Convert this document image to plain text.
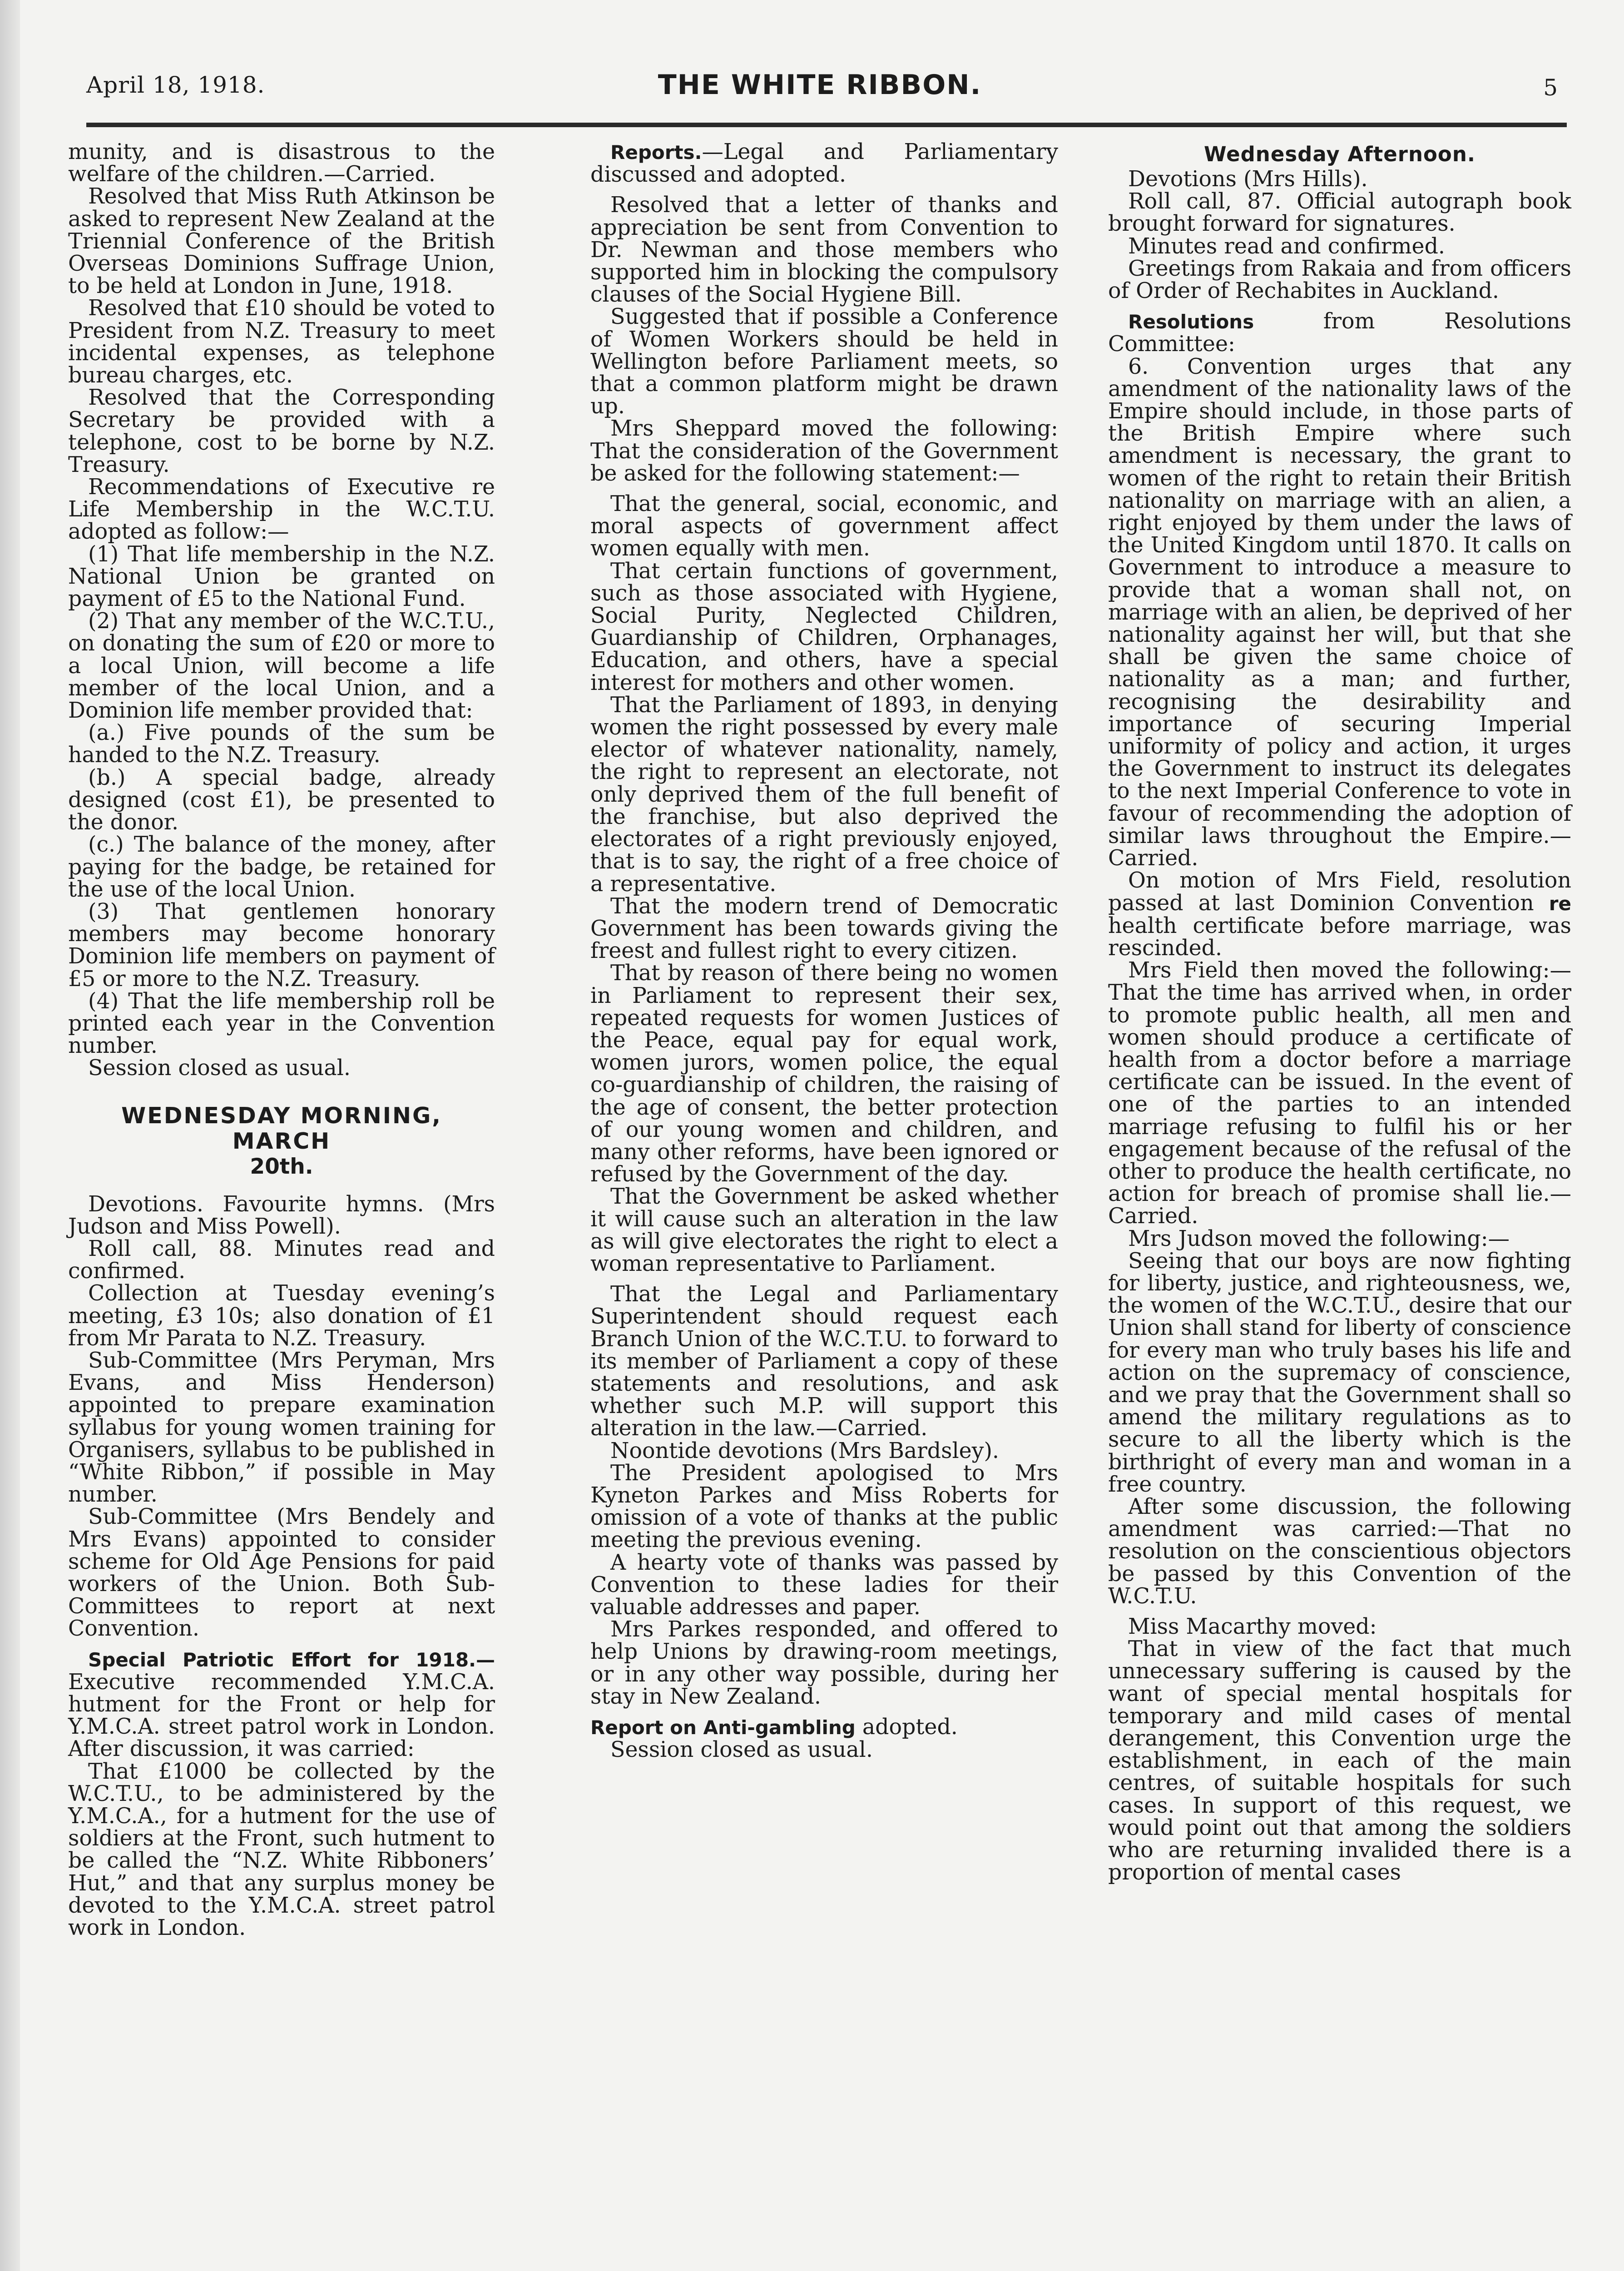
April 18, 1918.	THE WHITE RIBBON.	5

munity, and is disastrous to the welfare of the children.—Carried.

Resolved that Miss Ruth Atkinson be asked to represent New Zealand at the Triennial Conference of the British Overseas Dominions Suffrage Union, to be held at London in June, 1918.

Resolved that £10 should be voted to President from N.Z. Treasury to meet incidental expenses, as telephone bureau charges, etc.

Resolved that the Corresponding Secretary be provided with a telephone, cost to be borne by N.Z. Treasury.

Recommendations of Executive re Life Membership in the W.C.T.U. adopted as follow:—

(1) That life membership in the N.Z. National Union be granted on payment of £5 to the National Fund.

(2) That any member of the W.C.T.U., on donating the sum of £20 or more to a local Union, will become a life member of the local Union, and a Dominion life member provided that:

(a.) Five pounds of the sum be handed to the N.Z. Treasury.

(b.) A special badge, already designed (cost £1), be presented to the donor.

(c.) The balance of the money, after paying for the badge, be retained for the use of the local Union.

(3) That gentlemen honorary members may become honorary Dominion life members on payment of £5 or more to the N.Z. Treasury.

(4) That the life membership roll be printed each year in the Convention number.

Session closed as usual.

WEDNESDAY MORNING, MARCH
20th.

Devotions. Favourite hymns. (Mrs Judson and Miss Powell).

Roll call, 88. Minutes read and confirmed.

Collection at Tuesday evening’s meeting, £3 10s; also donation of £1 from Mr Parata to N.Z. Treasury.

Sub-Committee (Mrs Peryman, Mrs Evans, and Miss Henderson) appointed to prepare examination syllabus for young women training for Organisers, syllabus to be published in “White Ribbon,” if possible in May number.

Sub-Committee (Mrs Bendely and Mrs Evans) appointed to consider scheme for Old Age Pensions for paid workers of the Union. Both Sub-Committees to report at next Convention.

Special Patriotic Effort for 1918.— Executive recommended Y.M.C.A. hutment for the Front or help for Y.M.C.A. street patrol work in London. After discussion, it was carried:

That £1000 be collected by the W.C.T.U., to be administered by the Y.M.C.A., for a hutment for the use of soldiers at the Front, such hutment to be called the “N.Z. White Ribboners’ Hut,” and that any surplus money be devoted to the Y.M.C.A. street patrol work in London.

Reports.—Legal and Parliamentary discussed and adopted.

Resolved that a letter of thanks and appreciation be sent from Convention to Dr. Newman and those members who supported him in blocking the compulsory clauses of the Social Hygiene Bill.

Suggested that if possible a Conference of Women Workers should be held in Wellington before Parliament meets, so that a common platform might be drawn up.

Mrs Sheppard moved the following: That the consideration of the Government be asked for the following statement:—

That the general, social, economic, and moral aspects of government affect women equally with men.

That certain functions of government, such as those associated with Hygiene, Social Purity, Neglected Children, Guardianship of Children, Orphanages, Education, and others, have a special interest for mothers and other women.

That the Parliament of 1893, in denying women the right possessed by every male elector of whatever nationality, namely, the right to represent an electorate, not only deprived them of the full benefit of the franchise, but also deprived the electorates of a right previously enjoyed, that is to say, the right of a free choice of a representative.

That the modern trend of Democratic Government has been towards giving the freest and fullest right to every citizen.

That by reason of there being no women in Parliament to represent their sex, repeated requests for women Justices of the Peace, equal pay for equal work, women jurors, women police, the equal co-guardianship of children, the raising of the age of consent, the better protection of our young women and children, and many other reforms, have been ignored or refused by the Government of the day.

That the Government be asked whether it will cause such an alteration in the law as will give electorates the right to elect a woman representative to Parliament.

That the Legal and Parliamentary Superintendent should request each Branch Union of the W.C.T.U. to forward to its member of Parliament a copy of these statements and resolutions, and ask whether such M.P. will support this alteration in the law.—Carried.

Noontide devotions (Mrs Bardsley).

The President apologised to Mrs Kyneton Parkes and Miss Roberts for omission of a vote of thanks at the public meeting the previous evening.

A hearty vote of thanks was passed by Convention to these ladies for their valuable addresses and paper.

Mrs Parkes responded, and offered to help Unions by drawing-room meetings, or in any other way possible, during her stay in New Zealand.

Report on Anti-gambling adopted.

Session closed as usual.

Wednesday Afternoon.

Devotions (Mrs Hills).

Roll call, 87. Official autograph book brought forward for signatures.

Minutes read and confirmed.

Greetings from Rakaia and from officers of Order of Rechabites in Auckland.

Resolutions from Resolutions Committee:

6. Convention urges that any amendment of the nationality laws of the Empire should include, in those parts of the British Empire where such amendment is necessary, the grant to women of the right to retain their British nationality on marriage with an alien, a right enjoyed by them under the laws of the United Kingdom until 1870. It calls on Government to introduce a measure to provide that a woman shall not, on marriage with an alien, be deprived of her nationality against her will, but that she shall be given the same choice of nationality as a man; and further, recognising the desirability and importance of securing Imperial uniformity of policy and action, it urges the Government to instruct its delegates to the next Imperial Conference to vote in favour of recommending the adoption of similar laws throughout the Empire.—Carried.

On motion of Mrs Field, resolution passed at last Dominion Convention re health certificate before marriage, was rescinded.

Mrs Field then moved the following:—That the time has arrived when, in order to promote public health, all men and women should produce a certificate of health from a doctor before a marriage certificate can be issued. In the event of one of the parties to an intended marriage refusing to fulfil his or her engagement because of the refusal of the other to produce the health certificate, no action for breach of promise shall lie.—Carried.

Mrs Judson moved the following:—

Seeing that our boys are now fighting for liberty, justice, and righteousness, we, the women of the W.C.T.U., desire that our Union shall stand for liberty of conscience for every man who truly bases his life and action on the supremacy of conscience, and we pray that the Government shall so amend the military regulations as to secure to all the liberty which is the birthright of every man and woman in a free country.

After some discussion, the following amendment was carried:—That no resolution on the conscientious objectors be passed by this Convention of the W.C.T.U.

Miss Macarthy moved:

That in view of the fact that much unnecessary suffering is caused by the want of special mental hospitals for temporary and mild cases of mental derangement, this Convention urge the establishment, in each of the main centres, of suitable hospitals for such cases. In support of this request, we would point out that among the soldiers who are returning invalided there is a proportion of mental cases
